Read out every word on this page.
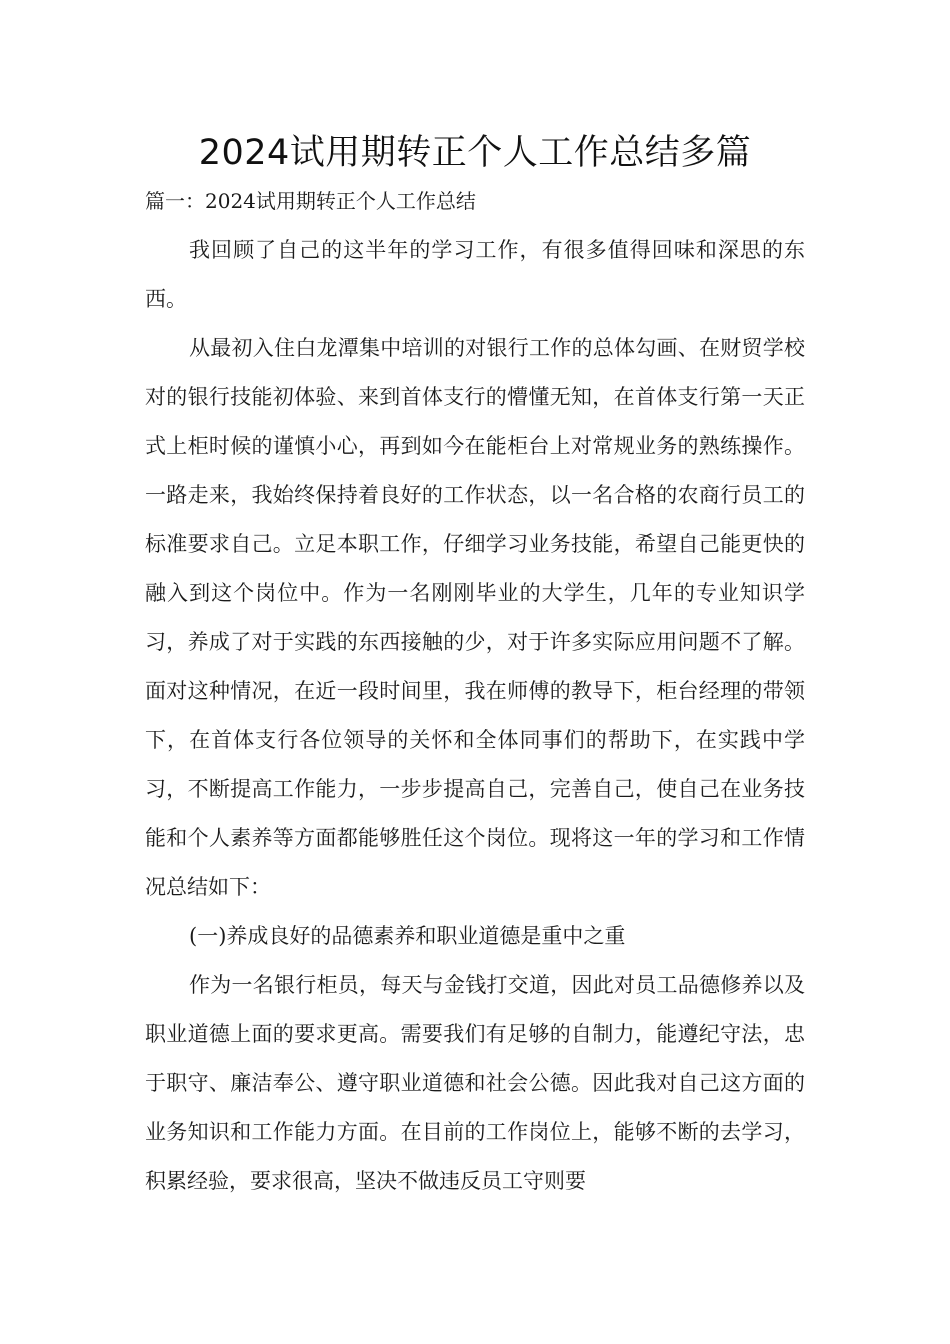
2024试用期转正个人工作总结多篇

篇一：2024试用期转正个人工作总结

我回顾了自己的这半年的学习工作，有很多值得回味和深思的东西。

从最初入住白龙潭集中培训的对银行工作的总体勾画、在财贸学校对的银行技能初体验、来到首体支行的懵懂无知，在首体支行第一天正式上柜时候的谨慎小心，再到如今在能柜台上对常规业务的熟练操作。一路走来，我始终保持着良好的工作状态，以一名合格的农商行员工的标准要求自己。立足本职工作，仔细学习业务技能，希望自己能更快的融入到这个岗位中。作为一名刚刚毕业的大学生，几年的专业知识学习，养成了对于实践的东西接触的少，对于许多实际应用问题不了解。面对这种情况，在近一段时间里，我在师傅的教导下，柜台经理的带领下，在首体支行各位领导的关怀和全体同事们的帮助下，在实践中学习，不断提高工作能力，一步步提高自己，完善自己，使自己在业务技能和个人素养等方面都能够胜任这个岗位。现将这一年的学习和工作情况总结如下：

(一)养成良好的品德素养和职业道德是重中之重

作为一名银行柜员，每天与金钱打交道，因此对员工品德修养以及职业道德上面的要求更高。需要我们有足够的自制力，能遵纪守法，忠于职守、廉洁奉公、遵守职业道德和社会公德。因此我对自己这方面的业务知识和工作能力方面。在目前的工作岗位上，能够不断的去学习，积累经验，要求很高，坚决不做违反员工守则要
